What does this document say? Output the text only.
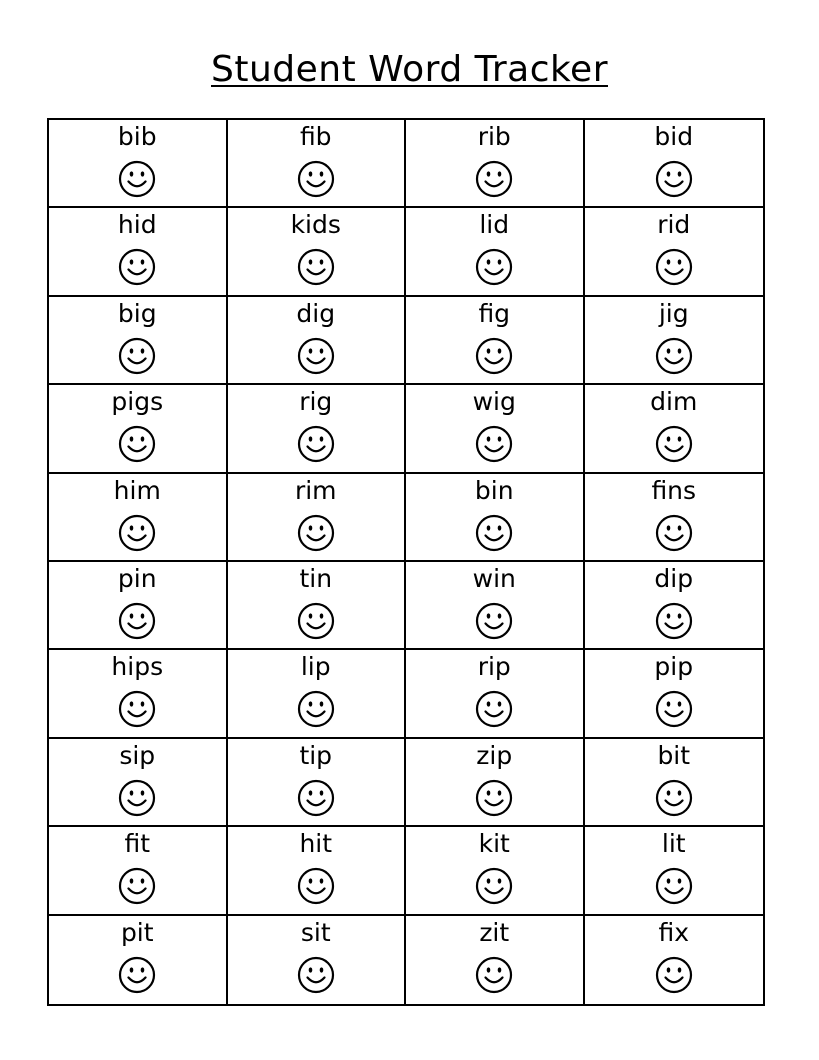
Student Word Tracker
bib	fib	rib	bid
hid	kids	lid	rid
big	dig	fig	jig
pigs	rig	wig	dim
him	rim	bin	fins
pin	tin	win	dip
hips	lip	rip	pip
sip	tip	zip	bit
fit	hit	kit	lit
pit	sit	zit	fix
